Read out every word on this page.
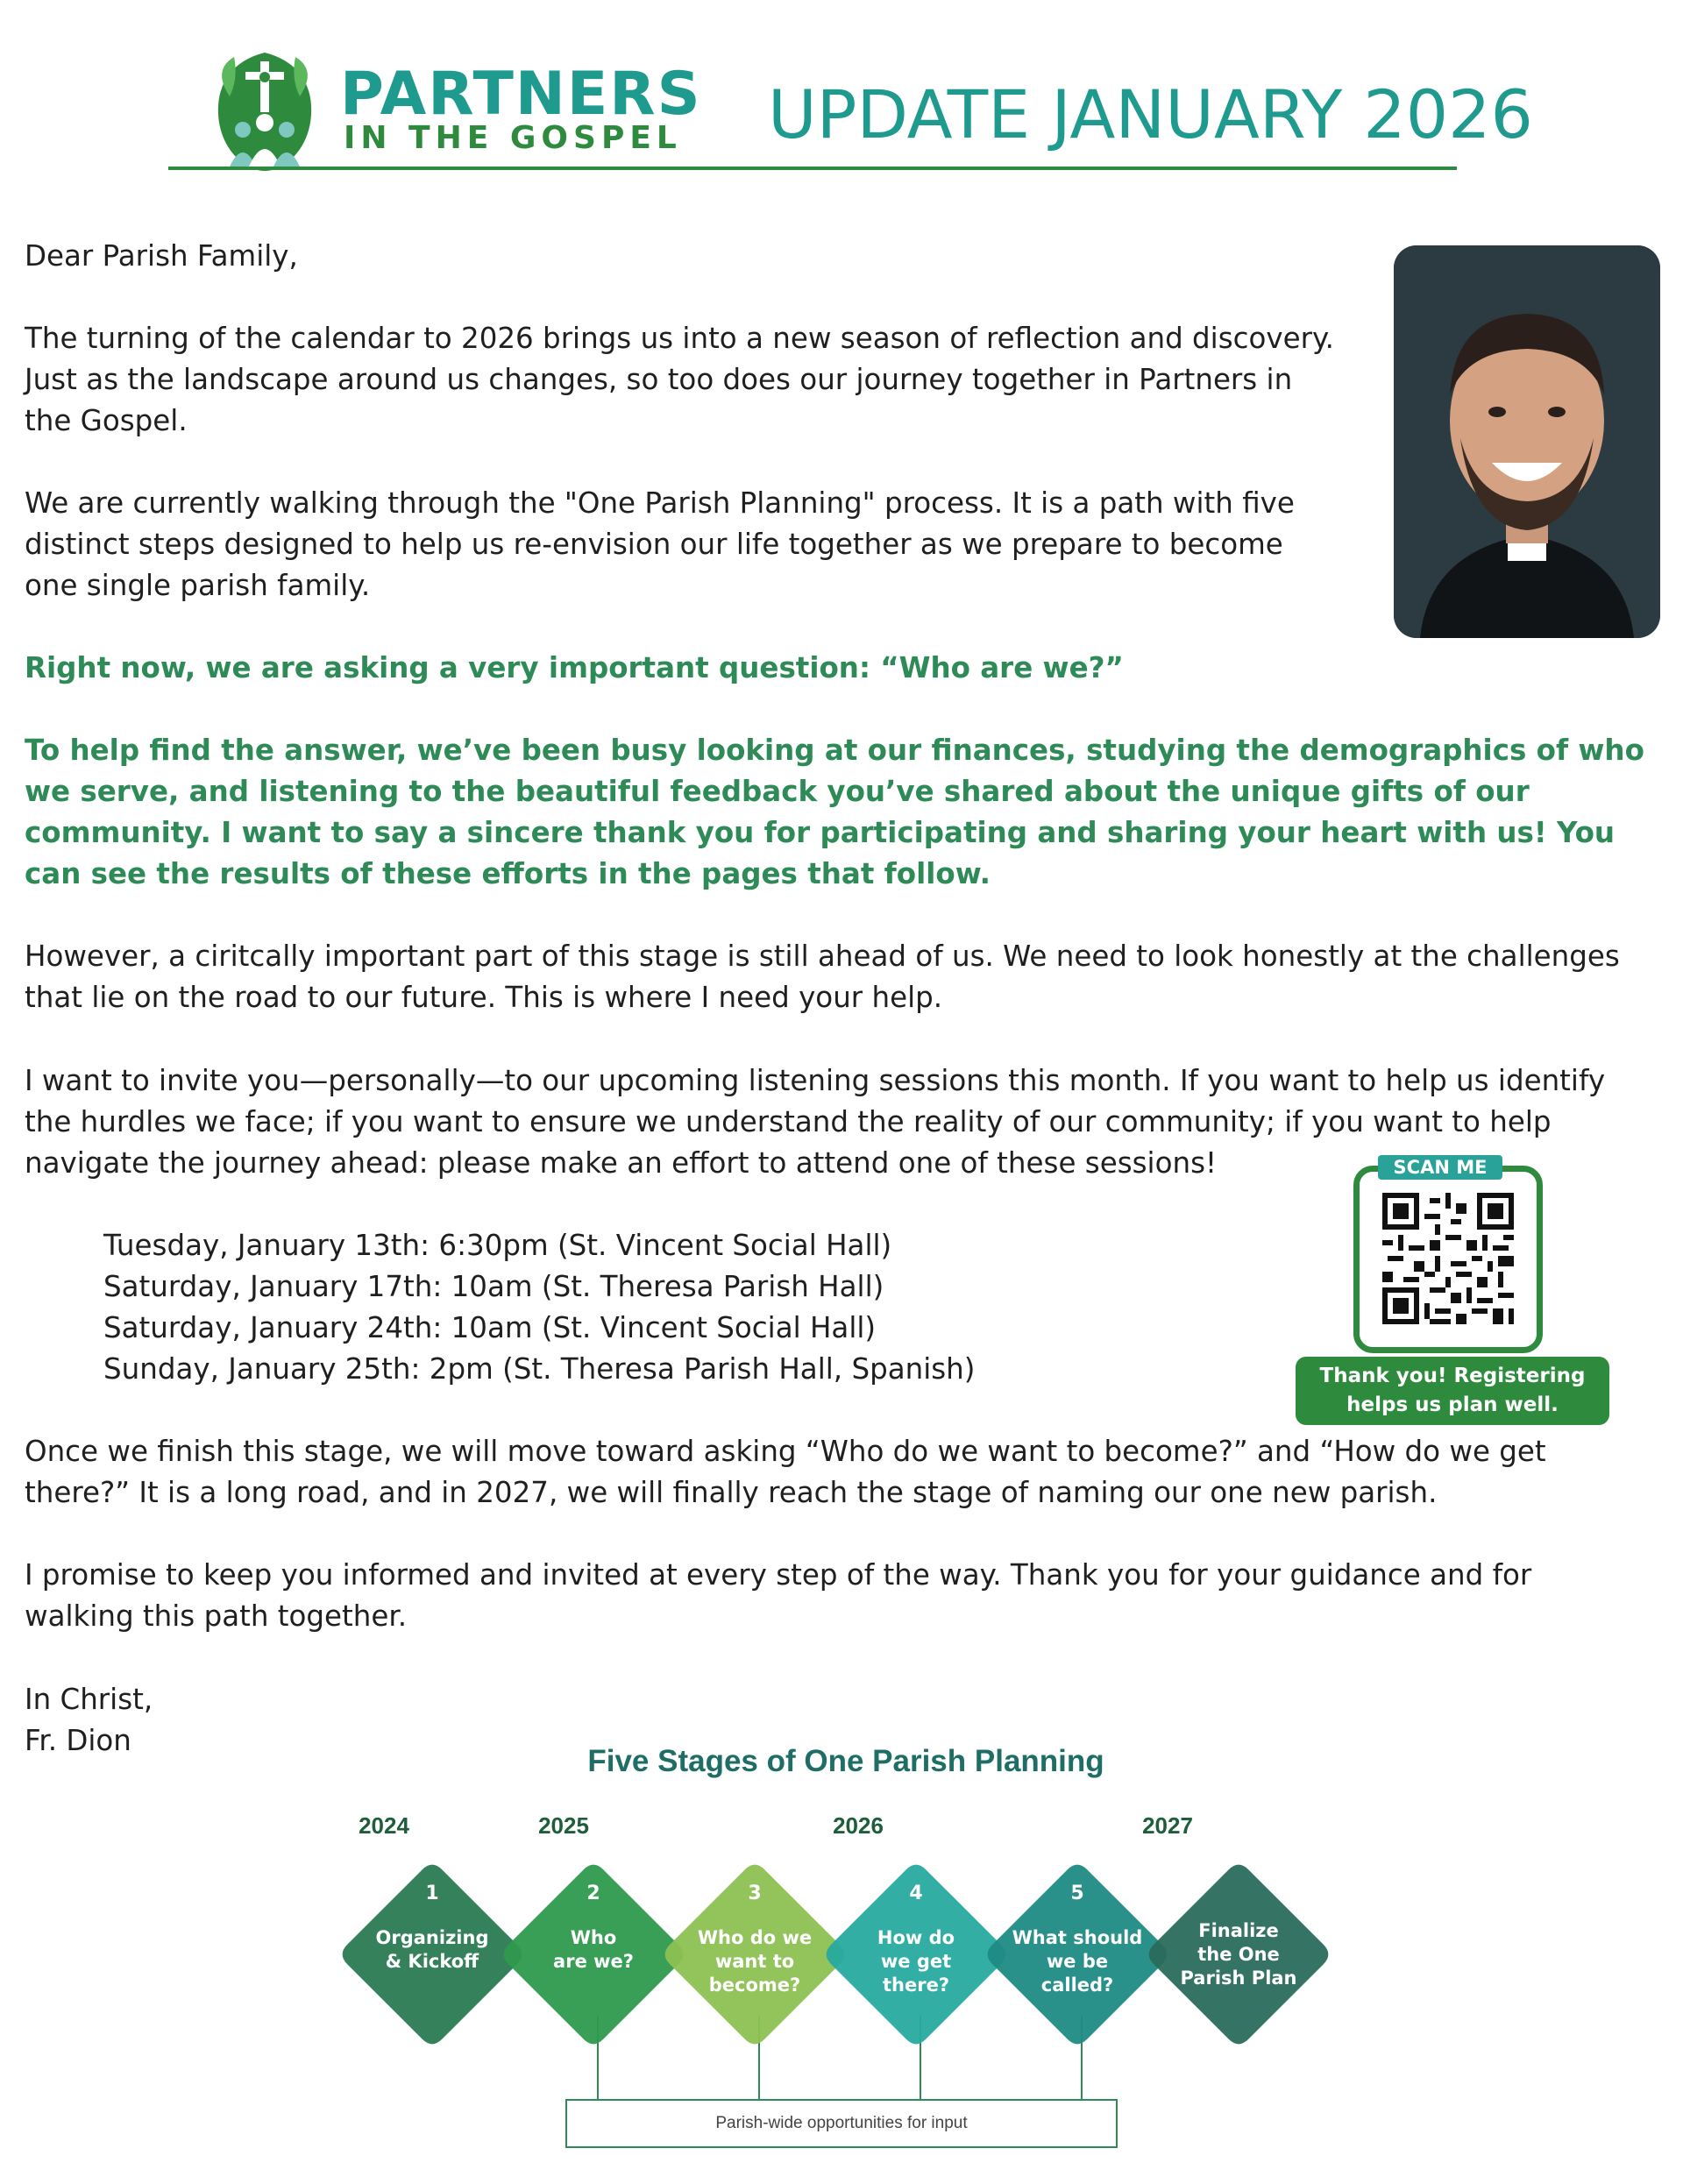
PARTNERS
IN THE GOSPEL UPDATE JANUARY 2026
Dear Parish Family,
The turning of the calendar to 2026 brings us into a new season of reflection and discovery. Just as the landscape around us changes, so too does our journey together in Partners in the Gospel.
We are currently walking through the "One Parish Planning" process. It is a path with five distinct steps designed to help us re-envision our life together as we prepare to become one single parish family.
Right now, we are asking a very important question: “Who are we?”
To help find the answer, we’ve been busy looking at our finances, studying the demographics of who we serve, and listening to the beautiful feedback you’ve shared about the unique gifts of our community. I want to say a sincere thank you for participating and sharing your heart with us! You can see the results of these efforts in the pages that follow.
However, a ciritcally important part of this stage is still ahead of us. We need to look honestly at the challenges that lie on the road to our future. This is where I need your help.
I want to invite you—personally—to our upcoming listening sessions this month. If you want to help us identify the hurdles we face; if you want to ensure we understand the reality of our community; if you want to help navigate the journey ahead: please make an effort to attend one of these sessions!
Tuesday, January 13th: 6:30pm (St. Vincent Social Hall)
Saturday, January 17th: 10am (St. Theresa Parish Hall)
Saturday, January 24th: 10am (St. Vincent Social Hall)
Sunday, January 25th: 2pm (St. Theresa Parish Hall, Spanish)
Once we finish this stage, we will move toward asking “Who do we want to become?” and “How do we get there?” It is a long road, and in 2027, we will finally reach the stage of naming our one new parish.
I promise to keep you informed and invited at every step of the way. Thank you for your guidance and for walking this path together.
In Christ,
Fr. Dion
SCAN ME
Thank you! Registering
helps us plan well.
Five Stages of One Parish Planning
2024	2025	2026	2027
1
Organizing
& Kickoff
2
Who
are we?
3
Who do we
want to
become?
4
How do
we get
there?
5
What should
we be
called?
Finalize
the One
Parish Plan
Parish-wide opportunities for input
